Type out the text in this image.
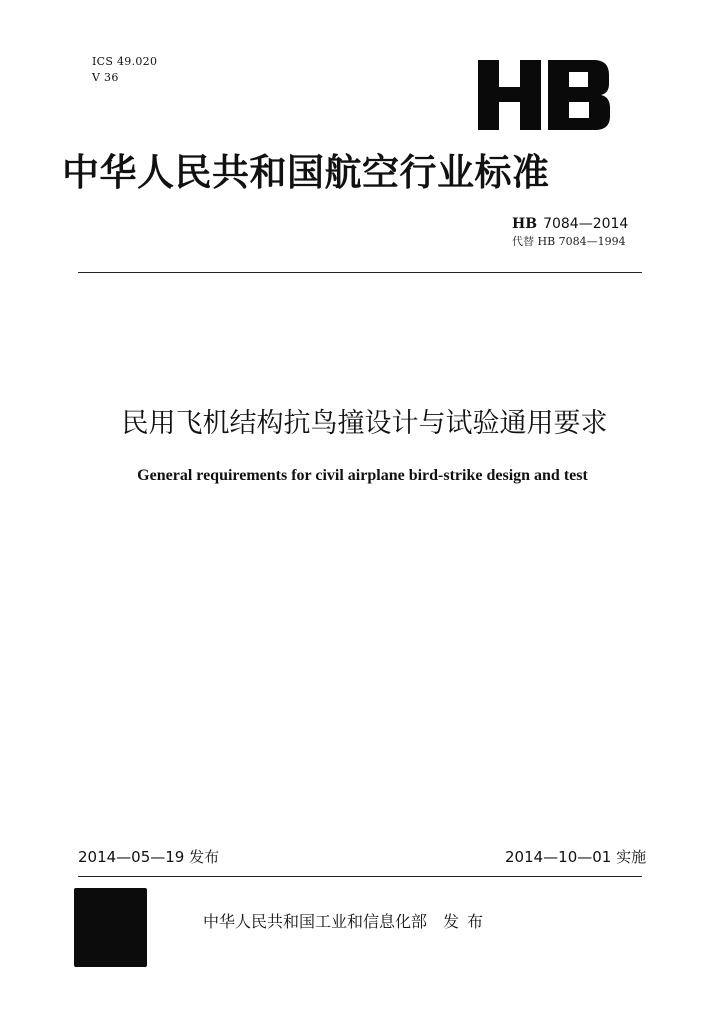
ICS 49.020
V 36
中华人民共和国航空行业标准
HB 7084—2014
代替 HB 7084—1994
民用飞机结构抗鸟撞设计与试验通用要求
General requirements for civil airplane bird-strike design and test
2014—05—19 发布	2014—10—01 实施
中华人民共和国工业和信息化部 发布
